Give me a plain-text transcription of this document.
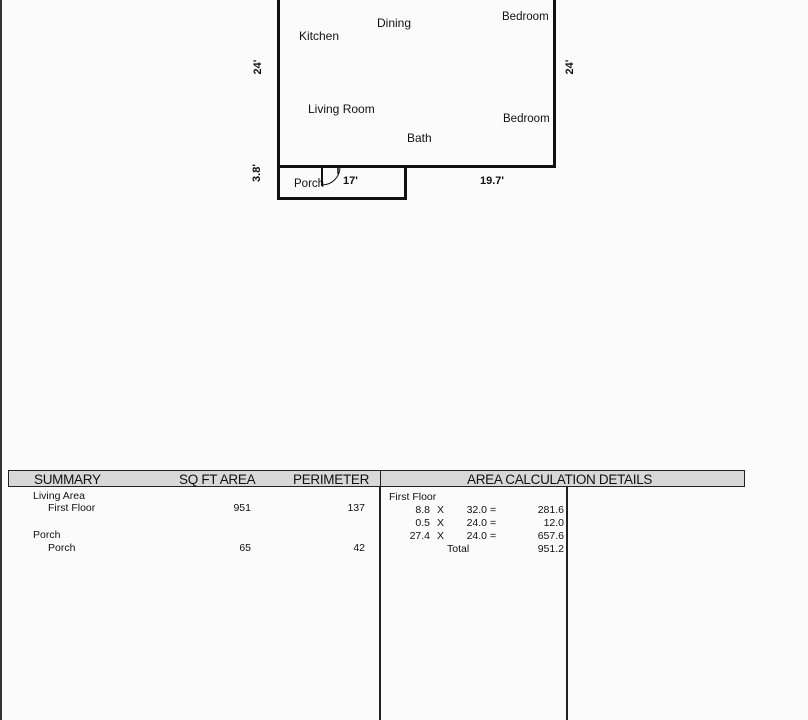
Kitchen
Dining	Bedroom
Living Room
Bedroom
Bath
Porch
24'	24'
3.8'	17'	19.7'
SUMMARY	SQ FT AREA	PERIMETER	AREA CALCULATION DETAILS
Living Area
First Floor	951	137
Porch
Porch	65	42
First Floor
8.8 X	32.0 =	281.6
0.5 X	24.0 =	12.0
27.4 X	24.0 =	657.6
Total	951.2
